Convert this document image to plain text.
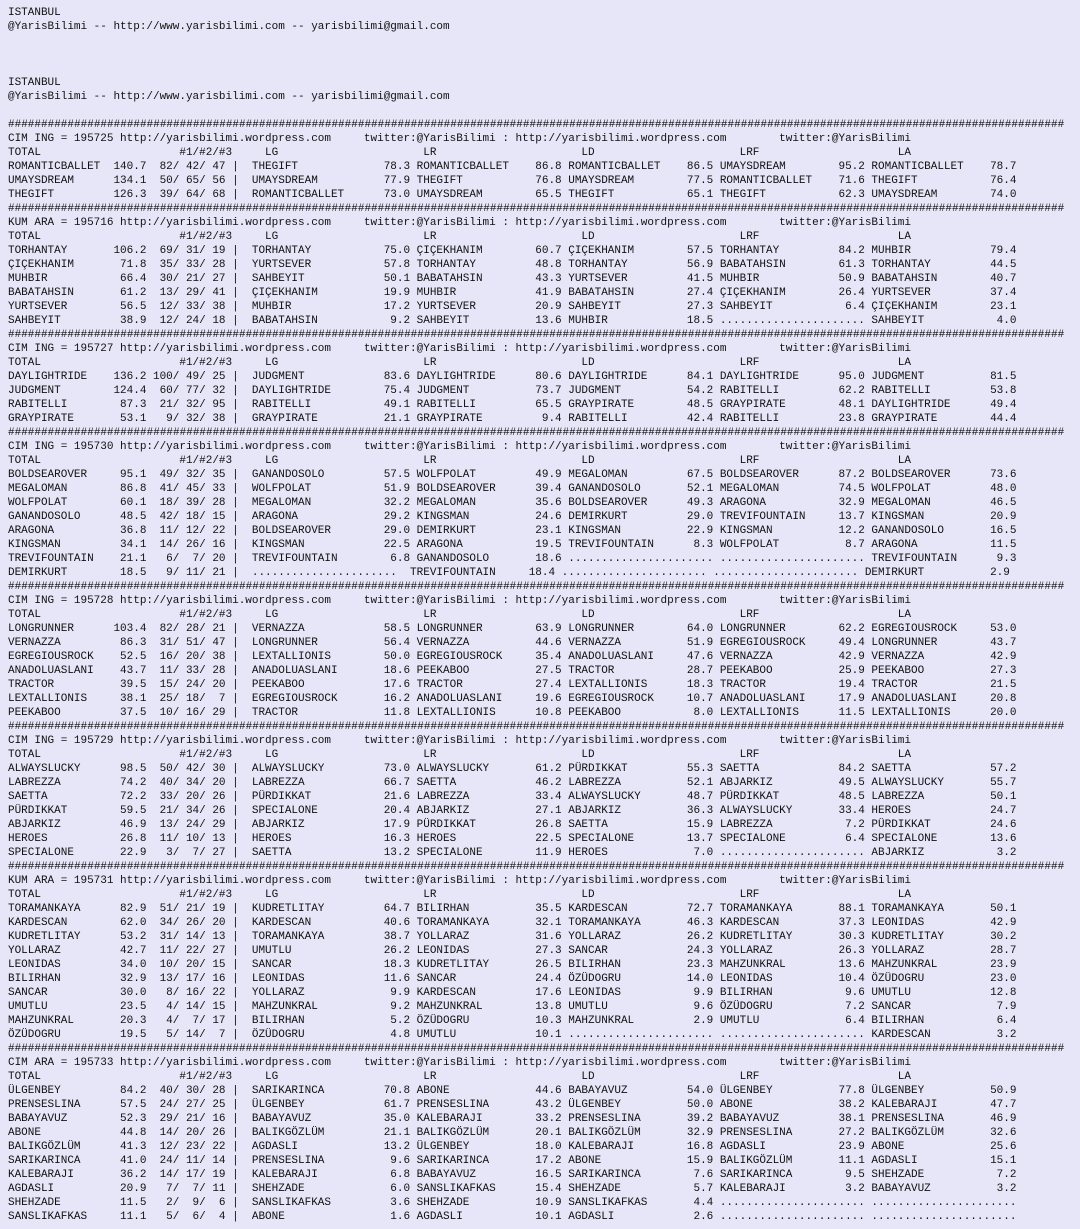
ISTANBUL
@YarisBilimi -- http://www.yarisbilimi.com -- yarisbilimi@gmail.com
ISTANBUL
@YarisBilimi -- http://www.yarisbilimi.com -- yarisbilimi@gmail.com
################################################################################################################################################################
CIM ING = 195725 http://yarisbilimi.wordpress.com     twitter:@YarisBilimi : http://yarisbilimi.wordpress.com        twitter:@YarisBilimi
TOTAL                     #1/#2/#3     LG                      LR                      LD                      LRF                     LA
ROMANTICBALLET  140.7  82/ 42/ 47 |  THEGIFT             78.3 ROMANTICBALLET    86.8 ROMANTICBALLET    86.5 UMAYSDREAM        95.2 ROMANTICBALLET    78.7
UMAYSDREAM      134.1  50/ 65/ 56 |  UMAYSDREAM          77.9 THEGIFT           76.8 UMAYSDREAM        77.5 ROMANTICBALLET    71.6 THEGIFT           76.4
THEGIFT         126.3  39/ 64/ 68 |  ROMANTICBALLET      73.0 UMAYSDREAM        65.5 THEGIFT           65.1 THEGIFT           62.3 UMAYSDREAM        74.0
################################################################################################################################################################
KUM ARA = 195716 http://yarisbilimi.wordpress.com     twitter:@YarisBilimi : http://yarisbilimi.wordpress.com        twitter:@YarisBilimi
TOTAL                     #1/#2/#3     LG                      LR                      LD                      LRF                     LA
TORHANTAY       106.2  69/ 31/ 19 |  TORHANTAY           75.0 ÇIÇEKHANIM        60.7 ÇIÇEKHANIM        57.5 TORHANTAY         84.2 MUHBIR            79.4
ÇIÇEKHANIM       71.8  35/ 33/ 28 |  YURTSEVER           57.8 TORHANTAY         48.8 TORHANTAY         56.9 BABATAHSIN        61.3 TORHANTAY         44.5
MUHBIR           66.4  30/ 21/ 27 |  SAHBEYIT            50.1 BABATAHSIN        43.3 YURTSEVER         41.5 MUHBIR            50.9 BABATAHSIN        40.7
BABATAHSIN       61.2  13/ 29/ 41 |  ÇIÇEKHANIM          19.9 MUHBIR            41.9 BABATAHSIN        27.4 ÇIÇEKHANIM        26.4 YURTSEVER         37.4
YURTSEVER        56.5  12/ 33/ 38 |  MUHBIR              17.2 YURTSEVER         20.9 SAHBEYIT          27.3 SAHBEYIT           6.4 ÇIÇEKHANIM        23.1
SAHBEYIT         38.9  12/ 24/ 18 |  BABATAHSIN           9.2 SAHBEYIT          13.6 MUHBIR            18.5 ...................... SAHBEYIT           4.0
################################################################################################################################################################
CIM ING = 195727 http://yarisbilimi.wordpress.com     twitter:@YarisBilimi : http://yarisbilimi.wordpress.com        twitter:@YarisBilimi
TOTAL                     #1/#2/#3     LG                      LR                      LD                      LRF                     LA
DAYLIGHTRIDE    136.2 100/ 49/ 25 |  JUDGMENT            83.6 DAYLIGHTRIDE      80.6 DAYLIGHTRIDE      84.1 DAYLIGHTRIDE      95.0 JUDGMENT          81.5
JUDGMENT        124.4  60/ 77/ 32 |  DAYLIGHTRIDE        75.4 JUDGMENT          73.7 JUDGMENT          54.2 RABITELLI         62.2 RABITELLI         53.8
RABITELLI        87.3  21/ 32/ 95 |  RABITELLI           49.1 RABITELLI         65.5 GRAYPIRATE        48.5 GRAYPIRATE        48.1 DAYLIGHTRIDE      49.4
GRAYPIRATE       53.1   9/ 32/ 38 |  GRAYPIRATE          21.1 GRAYPIRATE         9.4 RABITELLI         42.4 RABITELLI         23.8 GRAYPIRATE        44.4
################################################################################################################################################################
CIM ING = 195730 http://yarisbilimi.wordpress.com     twitter:@YarisBilimi : http://yarisbilimi.wordpress.com        twitter:@YarisBilimi
TOTAL                     #1/#2/#3     LG                      LR                      LD                      LRF                     LA
BOLDSEAROVER     95.1  49/ 32/ 35 |  GANANDOSOLO         57.5 WOLFPOLAT         49.9 MEGALOMAN         67.5 BOLDSEAROVER      87.2 BOLDSEAROVER      73.6
MEGALOMAN        86.8  41/ 45/ 33 |  WOLFPOLAT           51.9 BOLDSEAROVER      39.4 GANANDOSOLO       52.1 MEGALOMAN         74.5 WOLFPOLAT         48.0
WOLFPOLAT        60.1  18/ 39/ 28 |  MEGALOMAN           32.2 MEGALOMAN         35.6 BOLDSEAROVER      49.3 ARAGONA           32.9 MEGALOMAN         46.5
GANANDOSOLO      48.5  42/ 18/ 15 |  ARAGONA             29.2 KINGSMAN          24.6 DEMIRKURT         29.0 TREVIFOUNTAIN     13.7 KINGSMAN          20.9
ARAGONA          36.8  11/ 12/ 22 |  BOLDSEAROVER        29.0 DEMIRKURT         23.1 KINGSMAN          22.9 KINGSMAN          12.2 GANANDOSOLO       16.5
KINGSMAN         34.1  14/ 26/ 16 |  KINGSMAN            22.5 ARAGONA           19.5 TREVIFOUNTAIN      8.3 WOLFPOLAT          8.7 ARAGONA           11.5
TREVIFOUNTAIN    21.1   6/  7/ 20 |  TREVIFOUNTAIN        6.8 GANANDOSOLO       18.6 ...................... ...................... TREVIFOUNTAIN      9.3
DEMIRKURT        18.5   9/ 11/ 21 |  ......................  TREVIFOUNTAIN     18.4 ...................... ...................... DEMIRKURT          2.9
################################################################################################################################################################
CIM ING = 195728 http://yarisbilimi.wordpress.com     twitter:@YarisBilimi : http://yarisbilimi.wordpress.com        twitter:@YarisBilimi
TOTAL                     #1/#2/#3     LG                      LR                      LD                      LRF                     LA
LONGRUNNER      103.4  82/ 28/ 21 |  VERNAZZA            58.5 LONGRUNNER        63.9 LONGRUNNER        64.0 LONGRUNNER        62.2 EGREGIOUSROCK     53.0
VERNAZZA         86.3  31/ 51/ 47 |  LONGRUNNER          56.4 VERNAZZA          44.6 VERNAZZA          51.9 EGREGIOUSROCK     49.4 LONGRUNNER        43.7
EGREGIOUSROCK    52.5  16/ 20/ 38 |  LEXTALLIONIS        50.0 EGREGIOUSROCK     35.4 ANADOLUASLANI     47.6 VERNAZZA          42.9 VERNAZZA          42.9
ANADOLUASLANI    43.7  11/ 33/ 28 |  ANADOLUASLANI       18.6 PEEKABOO          27.5 TRACTOR           28.7 PEEKABOO          25.9 PEEKABOO          27.3
TRACTOR          39.5  15/ 24/ 20 |  PEEKABOO            17.6 TRACTOR           27.4 LEXTALLIONIS      18.3 TRACTOR           19.4 TRACTOR           21.5
LEXTALLIONIS     38.1  25/ 18/  7 |  EGREGIOUSROCK       16.2 ANADOLUASLANI     19.6 EGREGIOUSROCK     10.7 ANADOLUASLANI     17.9 ANADOLUASLANI     20.8
PEEKABOO         37.5  10/ 16/ 29 |  TRACTOR             11.8 LEXTALLIONIS      10.8 PEEKABOO           8.0 LEXTALLIONIS      11.5 LEXTALLIONIS      20.0
################################################################################################################################################################
CIM ING = 195729 http://yarisbilimi.wordpress.com     twitter:@YarisBilimi : http://yarisbilimi.wordpress.com        twitter:@YarisBilimi
TOTAL                     #1/#2/#3     LG                      LR                      LD                      LRF                     LA
ALWAYSLUCKY      98.5  50/ 42/ 30 |  ALWAYSLUCKY         73.0 ALWAYSLUCKY       61.2 PÜRDIKKAT         55.3 SAETTA            84.2 SAETTA            57.2
LABREZZA         74.2  40/ 34/ 20 |  LABREZZA            66.7 SAETTA            46.2 LABREZZA          52.1 ABJARKIZ          49.5 ALWAYSLUCKY       55.7
SAETTA           72.2  33/ 20/ 26 |  PÜRDIKKAT           21.6 LABREZZA          33.4 ALWAYSLUCKY       48.7 PÜRDIKKAT         48.5 LABREZZA          50.1
PÜRDIKKAT        59.5  21/ 34/ 26 |  SPECIALONE          20.4 ABJARKIZ          27.1 ABJARKIZ          36.3 ALWAYSLUCKY       33.4 HEROES            24.7
ABJARKIZ         46.9  13/ 24/ 29 |  ABJARKIZ            17.9 PÜRDIKKAT         26.8 SAETTA            15.9 LABREZZA           7.2 PÜRDIKKAT         24.6
HEROES           26.8  11/ 10/ 13 |  HEROES              16.3 HEROES            22.5 SPECIALONE        13.7 SPECIALONE         6.4 SPECIALONE        13.6
SPECIALONE       22.9   3/  7/ 27 |  SAETTA              13.2 SPECIALONE        11.9 HEROES             7.0 ...................... ABJARKIZ           3.2
################################################################################################################################################################
KUM ARA = 195731 http://yarisbilimi.wordpress.com     twitter:@YarisBilimi : http://yarisbilimi.wordpress.com        twitter:@YarisBilimi
TOTAL                     #1/#2/#3     LG                      LR                      LD                      LRF                     LA
TORAMANKAYA      82.9  51/ 21/ 19 |  KUDRETLITAY         64.7 BILIRHAN          35.5 KARDESCAN         72.7 TORAMANKAYA       88.1 TORAMANKAYA       50.1
KARDESCAN        62.0  34/ 26/ 20 |  KARDESCAN           40.6 TORAMANKAYA       32.1 TORAMANKAYA       46.3 KARDESCAN         37.3 LEONIDAS          42.9
KUDRETLITAY      53.2  31/ 14/ 13 |  TORAMANKAYA         38.7 YOLLARAZ          31.6 YOLLARAZ          26.2 KUDRETLITAY       30.3 KUDRETLITAY       30.2
YOLLARAZ         42.7  11/ 22/ 27 |  UMUTLU              26.2 LEONIDAS          27.3 SANCAR            24.3 YOLLARAZ          26.3 YOLLARAZ          28.7
LEONIDAS         34.0  10/ 20/ 15 |  SANCAR              18.3 KUDRETLITAY       26.5 BILIRHAN          23.3 MAHZUNKRAL        13.6 MAHZUNKRAL        23.9
BILIRHAN         32.9  13/ 17/ 16 |  LEONIDAS            11.6 SANCAR            24.4 ÖZÜDOGRU          14.0 LEONIDAS          10.4 ÖZÜDOGRU          23.0
SANCAR           30.0   8/ 16/ 22 |  YOLLARAZ             9.9 KARDESCAN         17.6 LEONIDAS           9.9 BILIRHAN           9.6 UMUTLU            12.8
UMUTLU           23.5   4/ 14/ 15 |  MAHZUNKRAL           9.2 MAHZUNKRAL        13.8 UMUTLU             9.6 ÖZÜDOGRU           7.2 SANCAR             7.9
MAHZUNKRAL       20.3   4/  7/ 17 |  BILIRHAN             5.2 ÖZÜDOGRU          10.3 MAHZUNKRAL         2.9 UMUTLU             6.4 BILIRHAN           6.4
ÖZÜDOGRU         19.5   5/ 14/  7 |  ÖZÜDOGRU             4.8 UMUTLU            10.1 ...................... ...................... KARDESCAN          3.2
################################################################################################################################################################
CIM ARA = 195733 http://yarisbilimi.wordpress.com     twitter:@YarisBilimi : http://yarisbilimi.wordpress.com        twitter:@YarisBilimi
TOTAL                     #1/#2/#3     LG                      LR                      LD                      LRF                     LA
ÜLGENBEY         84.2  40/ 30/ 28 |  SARIKARINCA         70.8 ABONE             44.6 BABAYAVUZ         54.0 ÜLGENBEY          77.8 ÜLGENBEY          50.9
PRENSESLINA      57.5  24/ 27/ 25 |  ÜLGENBEY            61.7 PRENSESLINA       43.2 ÜLGENBEY          50.0 ABONE             38.2 KALEBARAJI        47.7
BABAYAVUZ        52.3  29/ 21/ 16 |  BABAYAVUZ           35.0 KALEBARAJI        33.2 PRENSESLINA       39.2 BABAYAVUZ         38.1 PRENSESLINA       46.9
ABONE            44.8  14/ 20/ 26 |  BALIKGÖZLÜM         21.1 BALIKGÖZLÜM       20.1 BALIKGÖZLÜM       32.9 PRENSESLINA       27.2 BALIKGÖZLÜM       32.6
BALIKGÖZLÜM      41.3  12/ 23/ 22 |  AGDASLI             13.2 ÜLGENBEY          18.0 KALEBARAJI        16.8 AGDASLI           23.9 ABONE             25.6
SARIKARINCA      41.0  24/ 11/ 14 |  PRENSESLINA          9.6 SARIKARINCA       17.2 ABONE             15.9 BALIKGÖZLÜM       11.1 AGDASLI           15.1
KALEBARAJI       36.2  14/ 17/ 19 |  KALEBARAJI           6.8 BABAYAVUZ         16.5 SARIKARINCA        7.6 SARIKARINCA        9.5 SHEHZADE           7.2
AGDASLI          20.9   7/  7/ 11 |  SHEHZADE             6.0 SANSLIKAFKAS      15.4 SHEHZADE           5.7 KALEBARAJI         3.2 BABAYAVUZ          3.2
SHEHZADE         11.5   2/  9/  6 |  SANSLIKAFKAS         3.6 SHEHZADE          10.9 SANSLIKAFKAS       4.4 ...................... ......................
SANSLIKAFKAS     11.1   5/  6/  4 |  ABONE                1.6 AGDASLI           10.1 AGDASLI            2.6 ...................... ......................
